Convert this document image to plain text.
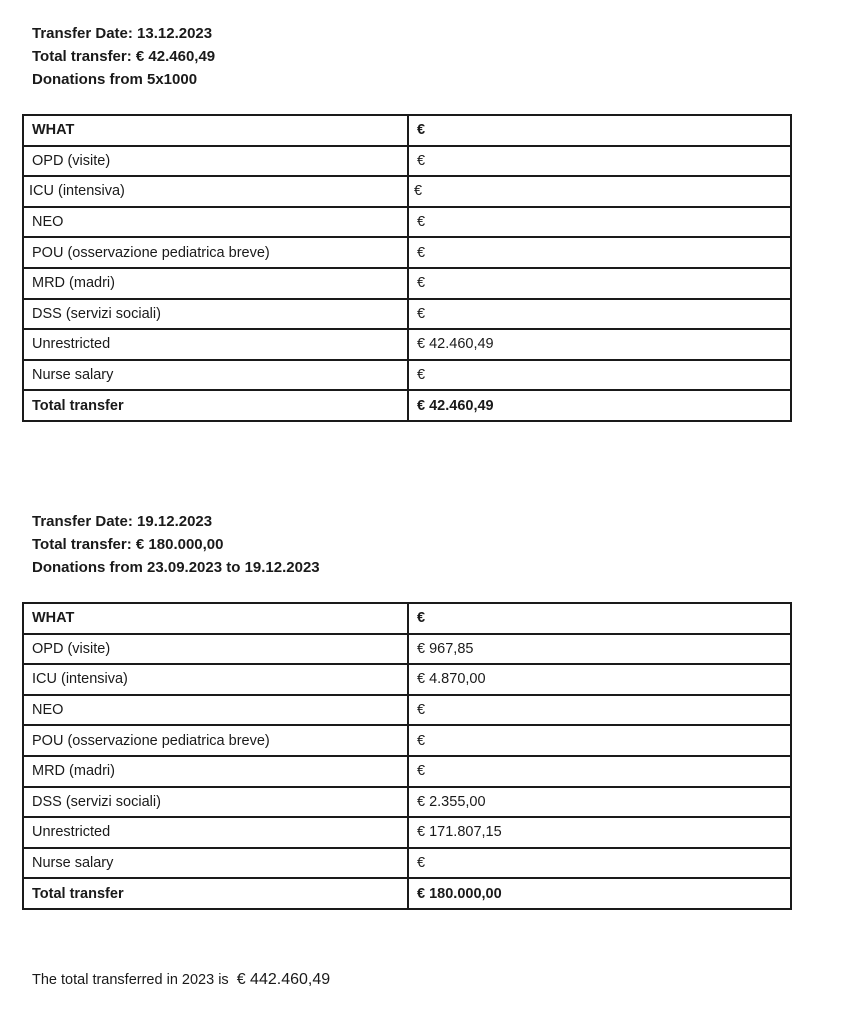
Transfer Date: 13.12.2023
Total transfer: € 42.460,49
Donations from 5x1000
WHAT	€
OPD (visite)	€
ICU (intensiva)	€
NEO	€
POU (osservazione pediatrica breve)	€
MRD (madri)	€
DSS (servizi sociali)	€
Unrestricted	€ 42.460,49
Nurse salary	€
Total transfer	€ 42.460,49
Transfer Date: 19.12.2023
Total transfer: € 180.000,00
Donations from 23.09.2023 to 19.12.2023
WHAT	€
OPD (visite)	€ 967,85
ICU (intensiva)	€ 4.870,00
NEO	€
POU (osservazione pediatrica breve)	€
MRD (madri)	€
DSS (servizi sociali)	€ 2.355,00
Unrestricted	€ 171.807,15
Nurse salary	€
Total transfer	€ 180.000,00
The total transferred in 2023 is € 442.460,49
